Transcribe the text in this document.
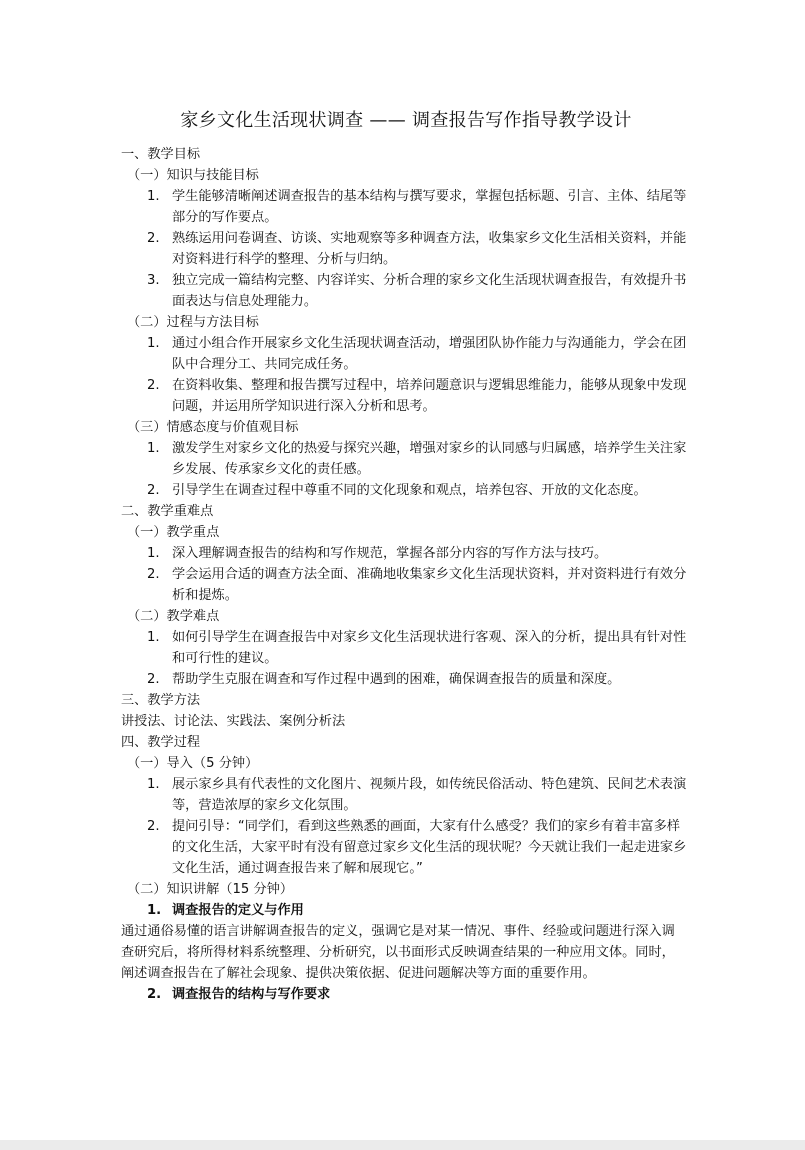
家乡文化生活现状调查 —— 调查报告写作指导教学设计
一、教学目标
（一）知识与技能目标
1. 学生能够清晰阐述调查报告的基本结构与撰写要求，掌握包括标题、引言、主体、结尾等部分的写作要点。
2. 熟练运用问卷调查、访谈、实地观察等多种调查方法，收集家乡文化生活相关资料，并能对资料进行科学的整理、分析与归纳。
3. 独立完成一篇结构完整、内容详实、分析合理的家乡文化生活现状调查报告，有效提升书面表达与信息处理能力。
（二）过程与方法目标
1. 通过小组合作开展家乡文化生活现状调查活动，增强团队协作能力与沟通能力，学会在团队中合理分工、共同完成任务。
2. 在资料收集、整理和报告撰写过程中，培养问题意识与逻辑思维能力，能够从现象中发现问题，并运用所学知识进行深入分析和思考。
（三）情感态度与价值观目标
1. 激发学生对家乡文化的热爱与探究兴趣，增强对家乡的认同感与归属感，培养学生关注家乡发展、传承家乡文化的责任感。
2. 引导学生在调查过程中尊重不同的文化现象和观点，培养包容、开放的文化态度。
二、教学重难点
（一）教学重点
1. 深入理解调查报告的结构和写作规范，掌握各部分内容的写作方法与技巧。
2. 学会运用合适的调查方法全面、准确地收集家乡文化生活现状资料，并对资料进行有效分析和提炼。
（二）教学难点
1. 如何引导学生在调查报告中对家乡文化生活现状进行客观、深入的分析，提出具有针对性和可行性的建议。
2. 帮助学生克服在调查和写作过程中遇到的困难，确保调查报告的质量和深度。
三、教学方法
讲授法、讨论法、实践法、案例分析法
四、教学过程
（一）导入（5 分钟）
1. 展示家乡具有代表性的文化图片、视频片段，如传统民俗活动、特色建筑、民间艺术表演等，营造浓厚的家乡文化氛围。
2. 提问引导：“同学们，看到这些熟悉的画面，大家有什么感受？我们的家乡有着丰富多样的文化生活，大家平时有没有留意过家乡文化生活的现状呢？今天就让我们一起走进家乡文化生活，通过调查报告来了解和展现它。”
（二）知识讲解（15 分钟）
1. 调查报告的定义与作用
通过通俗易懂的语言讲解调查报告的定义，强调它是对某一情况、事件、经验或问题进行深入调查研究后，将所得材料系统整理、分析研究，以书面形式反映调查结果的一种应用文体。同时，阐述调查报告在了解社会现象、提供决策依据、促进问题解决等方面的重要作用。
2. 调查报告的结构与写作要求
